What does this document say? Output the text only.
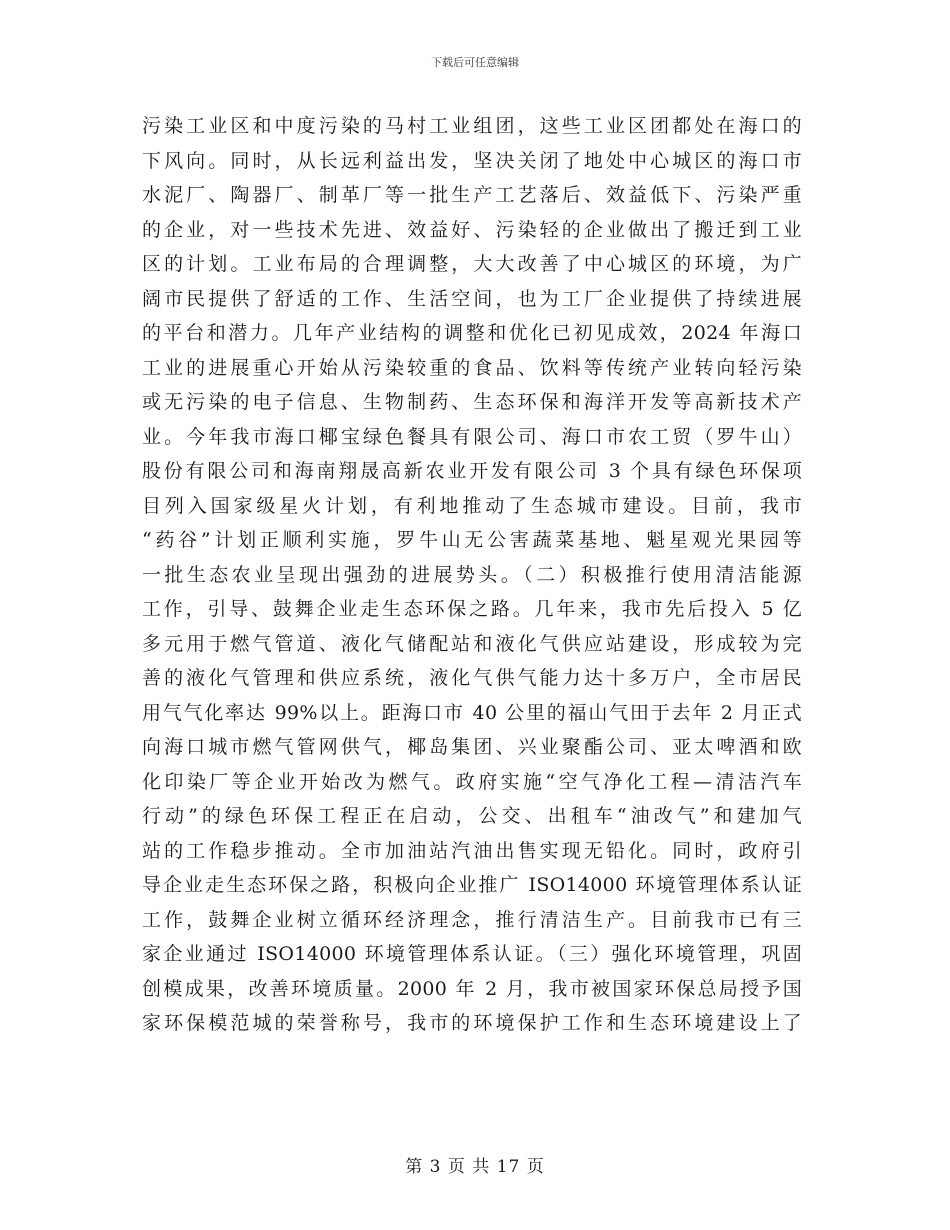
下载后可任意编辑
污染工业区和中度污染的马村工业组团，这些工业区团都处在海口的
下风向。同时，从长远利益出发，坚决关闭了地处中心城区的海口市
水泥厂、陶器厂、制革厂等一批生产工艺落后、效益低下、污染严重
的企业，对一些技术先进、效益好、污染轻的企业做出了搬迁到工业
区的计划。工业布局的合理调整，大大改善了中心城区的环境，为广
阔市民提供了舒适的工作、生活空间，也为工厂企业提供了持续进展
的平台和潜力。几年产业结构的调整和优化已初见成效，2024 年海口
工业的进展重心开始从污染较重的食品、饮料等传统产业转向轻污染
或无污染的电子信息、生物制药、生态环保和海洋开发等高新技术产
业。今年我市海口椰宝绿色餐具有限公司、海口市农工贸（罗牛山）
股份有限公司和海南翔晟高新农业开发有限公司 3 个具有绿色环保项
目列入国家级星火计划，有利地推动了生态城市建设。目前，我市
“药谷”计划正顺利实施，罗牛山无公害蔬菜基地、魁星观光果园等
一批生态农业呈现出强劲的进展势头。（二）积极推行使用清洁能源
工作，引导、鼓舞企业走生态环保之路。几年来，我市先后投入 5 亿
多元用于燃气管道、液化气储配站和液化气供应站建设，形成较为完
善的液化气管理和供应系统，液化气供气能力达十多万户，全市居民
用气气化率达 99%以上。距海口市 40 公里的福山气田于去年 2 月正式
向海口城市燃气管网供气，椰岛集团、兴业聚酯公司、亚太啤酒和欧
化印染厂等企业开始改为燃气。政府实施“空气净化工程—清洁汽车
行动”的绿色环保工程正在启动，公交、出租车“油改气”和建加气
站的工作稳步推动。全市加油站汽油出售实现无铅化。同时，政府引
导企业走生态环保之路，积极向企业推广 ISO14000 环境管理体系认证
工作，鼓舞企业树立循环经济理念，推行清洁生产。目前我市已有三
家企业通过 ISO14000 环境管理体系认证。（三）强化环境管理，巩固
创模成果，改善环境质量。2000 年 2 月，我市被国家环保总局授予国
家环保模范城的荣誉称号，我市的环境保护工作和生态环境建设上了
第 3 页 共 17 页
